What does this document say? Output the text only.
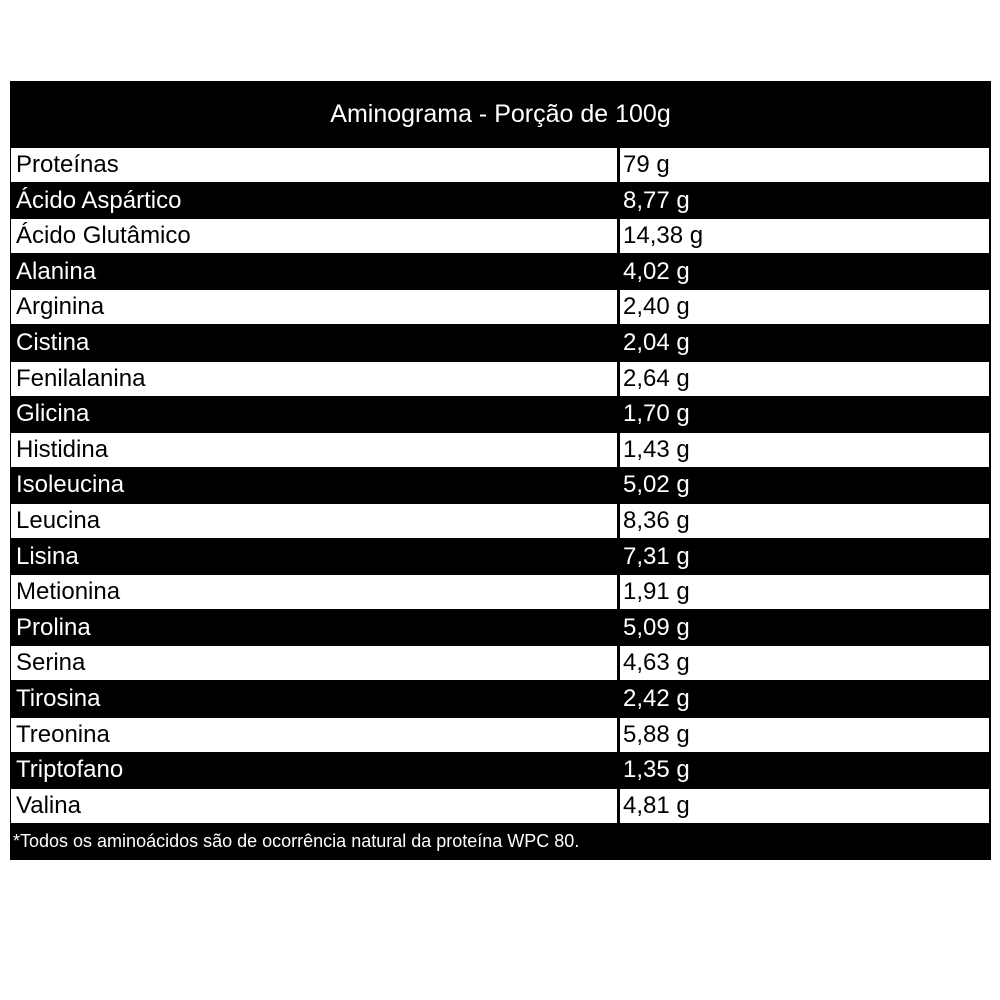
Aminograma - Porção de 100g
Proteínas	79 g
Ácido Aspártico	8,77 g
Ácido Glutâmico	14,38 g
Alanina	4,02 g
Arginina	2,40 g
Cistina	2,04 g
Fenilalanina	2,64 g
Glicina	1,70 g
Histidina	1,43 g
Isoleucina	5,02 g
Leucina	8,36 g
Lisina	7,31 g
Metionina	1,91 g
Prolina	5,09 g
Serina	4,63 g
Tirosina	2,42 g
Treonina	5,88 g
Triptofano	1,35 g
Valina	4,81 g
*Todos os aminoácidos são de ocorrência natural da proteína WPC 80.
